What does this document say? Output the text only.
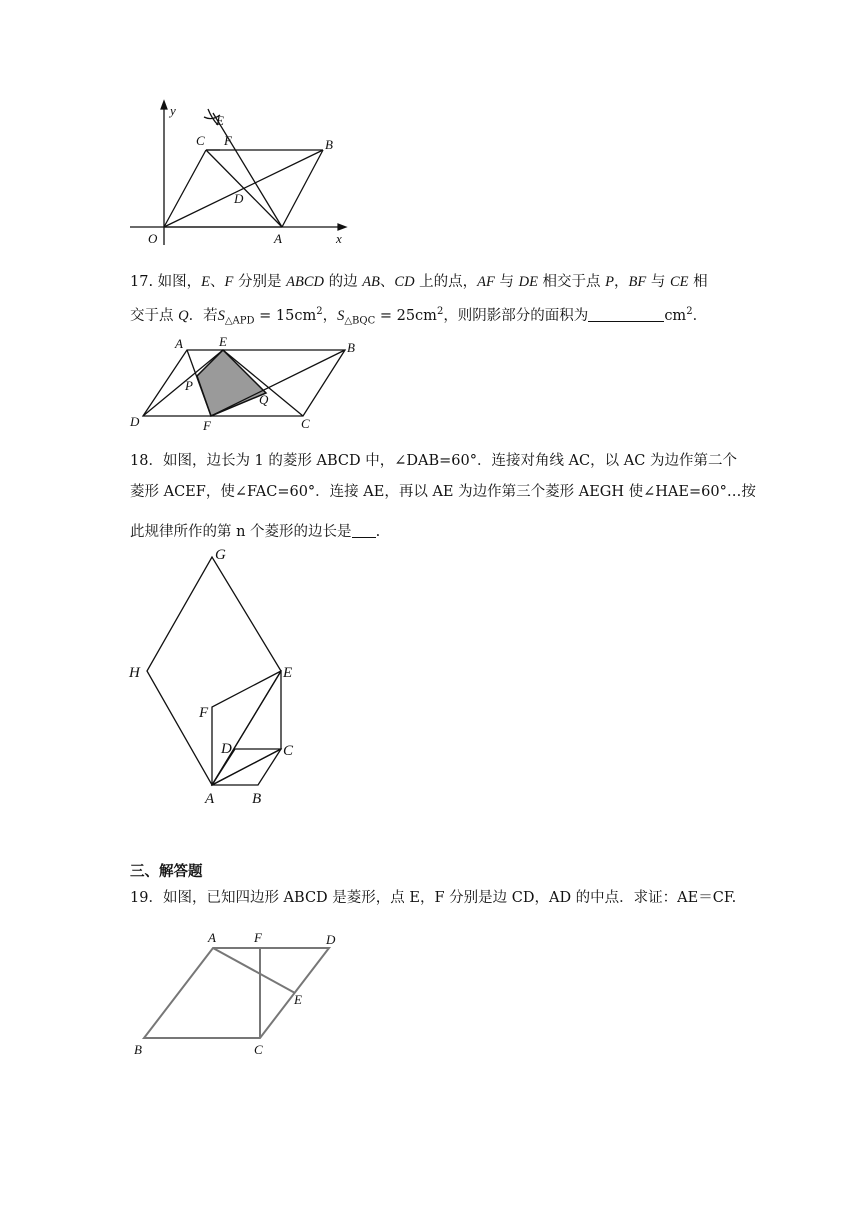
y
x
O	A
B
C
D
E
F
17. 如图，E、F 分别是 ABCD 的边 AB、CD 上的点，AF 与 DE 相交于点 P，BF 与 CE 相
交于点 Q．若$S_{\triangle APD} = 15cm^2$，$S_{\triangle BQC} = 25cm^2$，则阴影部分的面积为	$cm^2$．
A	E	B
P
Q
D	F	C
18．如图，边长为 1 的菱形 ABCD 中，∠DAB=60°．连接对角线 AC，以 AC 为边作第二个
菱形 ACEF，使∠FAC=60°．连接 AE，再以 AE 为边作第三个菱形 AEGH 使∠HAE=60°…按
此规律所作的第 n 个菱形的边长是 .
G
H	E
F
D	C
A	B
三、解答题
19．如图，已知四边形 ABCD 是菱形，点 E，F 分别是边 CD，AD 的中点．求证：AE＝CF.
A	F	D
E
B	C
